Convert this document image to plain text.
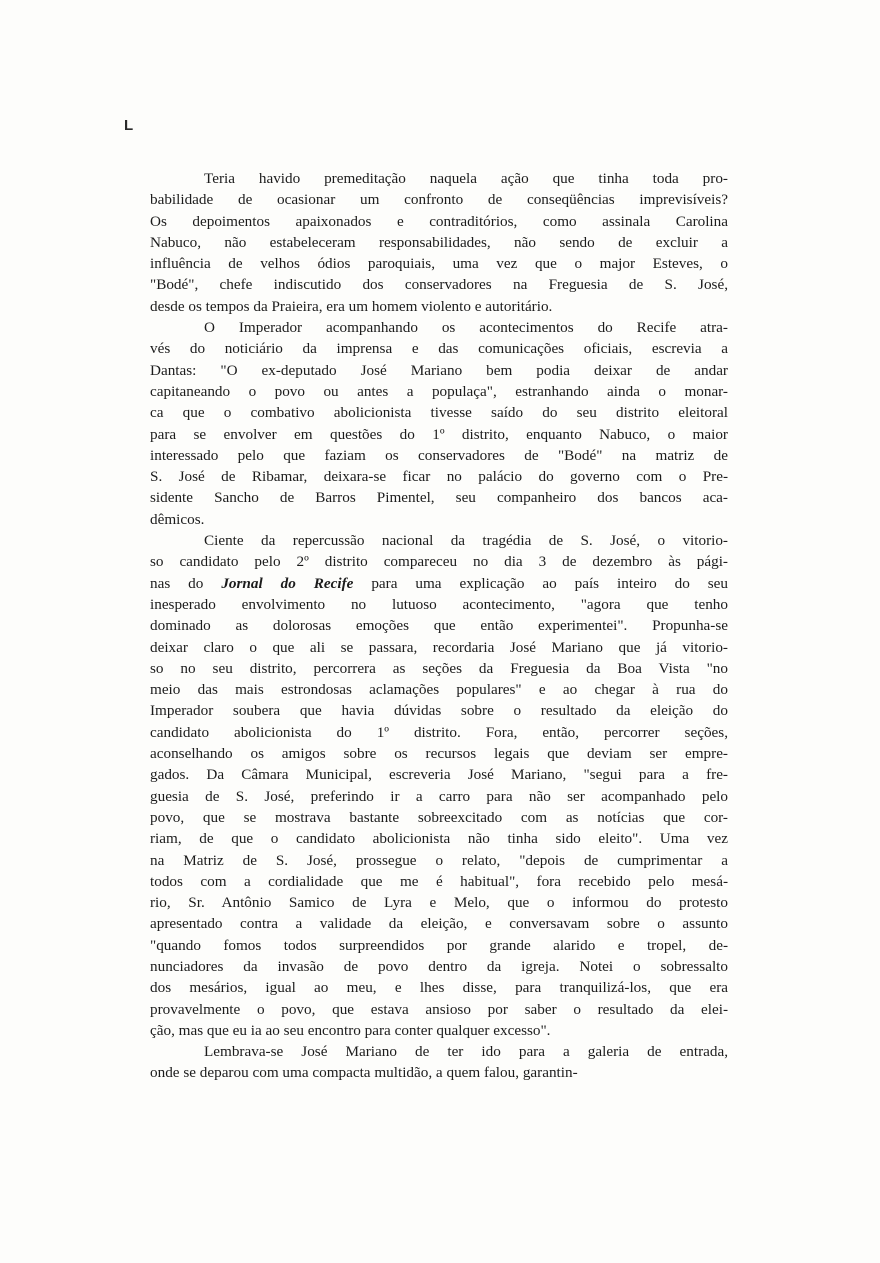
L
Teria havido premeditação naquela ação que tinha toda pro-
babilidade de ocasionar um confronto de conseqüências imprevisíveis?
Os depoimentos apaixonados e contraditórios, como assinala Carolina
Nabuco, não estabeleceram responsabilidades, não sendo de excluir a
influência de velhos ódios paroquiais, uma vez que o major Esteves, o
"Bodé", chefe indiscutido dos conservadores na Freguesia de S. José,
desde os tempos da Praieira, era um homem violento e autoritário.
O Imperador acompanhando os acontecimentos do Recife atra-
vés do noticiário da imprensa e das comunicações oficiais, escrevia a
Dantas: "O ex-deputado José Mariano bem podia deixar de andar
capitaneando o povo ou antes a populaça", estranhando ainda o monar-
ca que o combativo abolicionista tivesse saído do seu distrito eleitoral
para se envolver em questões do 1º distrito, enquanto Nabuco, o maior
interessado pelo que faziam os conservadores de "Bodé" na matriz de
S. José de Ribamar, deixara-se ficar no palácio do governo com o Pre-
sidente Sancho de Barros Pimentel, seu companheiro dos bancos aca-
dêmicos.
Ciente da repercussão nacional da tragédia de S. José, o vitorio-
so candidato pelo 2º distrito compareceu no dia 3 de dezembro às pági-
nas do Jornal do Recife para uma explicação ao país inteiro do seu
inesperado envolvimento no lutuoso acontecimento, "agora que tenho
dominado as dolorosas emoções que então experimentei". Propunha-se
deixar claro o que ali se passara, recordaria José Mariano que já vitorio-
so no seu distrito, percorrera as seções da Freguesia da Boa Vista "no
meio das mais estrondosas aclamações populares" e ao chegar à rua do
Imperador soubera que havia dúvidas sobre o resultado da eleição do
candidato abolicionista do 1º distrito. Fora, então, percorrer seções,
aconselhando os amigos sobre os recursos legais que deviam ser empre-
gados. Da Câmara Municipal, escreveria José Mariano, "segui para a fre-
guesia de S. José, preferindo ir a carro para não ser acompanhado pelo
povo, que se mostrava bastante sobreexcitado com as notícias que cor-
riam, de que o candidato abolicionista não tinha sido eleito". Uma vez
na Matriz de S. José, prossegue o relato, "depois de cumprimentar a
todos com a cordialidade que me é habitual", fora recebido pelo mesá-
rio, Sr. Antônio Samico de Lyra e Melo, que o informou do protesto
apresentado contra a validade da eleição, e conversavam sobre o assunto
"quando fomos todos surpreendidos por grande alarido e tropel, de-
nunciadores da invasão de povo dentro da igreja. Notei o sobressalto
dos mesários, igual ao meu, e lhes disse, para tranquilizá-los, que era
provavelmente o povo, que estava ansioso por saber o resultado da elei-
ção, mas que eu ia ao seu encontro para conter qualquer excesso".
Lembrava-se José Mariano de ter ido para a galeria de entrada,
onde se deparou com uma compacta multidão, a quem falou, garantin-
